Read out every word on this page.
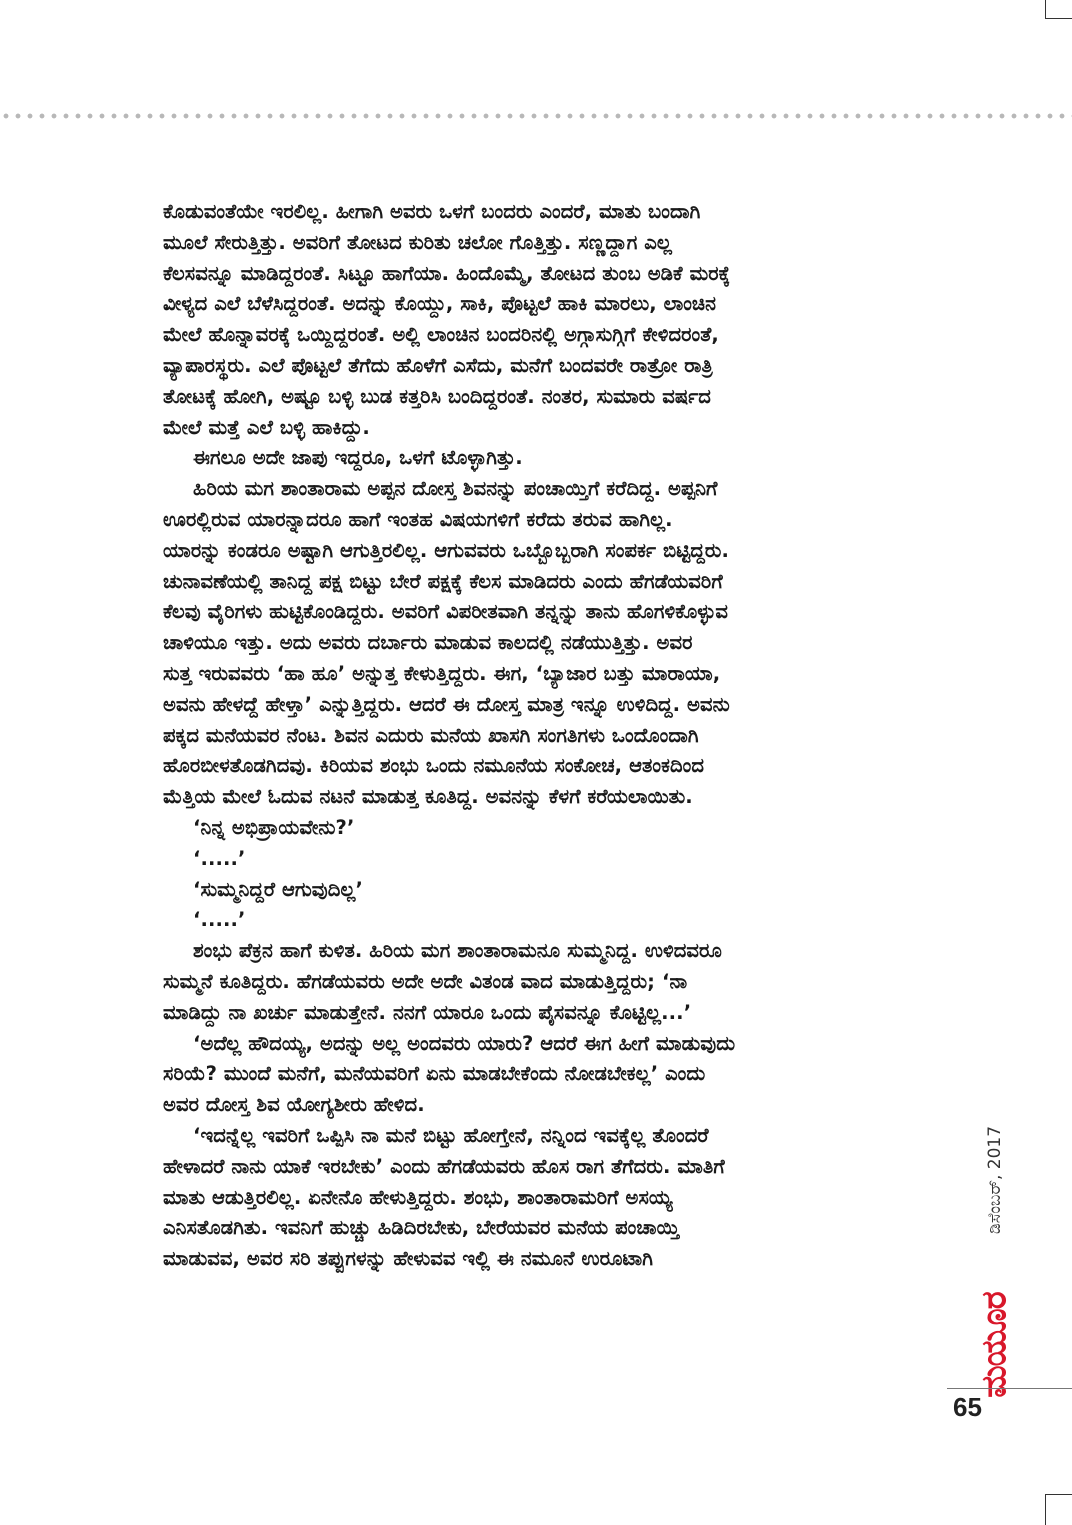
ಕೊಡುವಂತೆಯೇ ಇರಲಿಲ್ಲ. ಹೀಗಾಗಿ ಅವರು ಒಳಗೆ ಬಂದರು ಎಂದರೆ, ಮಾತು ಬಂದಾಗಿ
ಮೂಲೆ ಸೇರುತ್ತಿತ್ತು. ಅವರಿಗೆ ತೋಟದ ಕುರಿತು ಚಲೋ ಗೊತ್ತಿತ್ತು. ಸಣ್ಣದ್ದಾಗ ಎಲ್ಲ
ಕೆಲಸವನ್ನೂ ಮಾಡಿದ್ದರಂತೆ. ಸಿಟ್ಟೂ ಹಾಗೆಯಾ. ಹಿಂದೊಮ್ಮೆ, ತೋಟದ ತುಂಬ ಅಡಿಕೆ ಮರಕ್ಕೆ
ವೀಳ್ಯದ ಎಲೆ ಬೆಳೆಸಿದ್ದರಂತೆ. ಅದನ್ನು ಕೊಯ್ದು, ಸಾಕಿ, ಪೊಟ್ಟಲೆ ಹಾಕಿ ಮಾರಲು, ಲಾಂಚಿನ
ಮೇಲೆ ಹೊನ್ನಾವರಕ್ಕೆ ಒಯ್ದಿದ್ದರಂತೆ. ಅಲ್ಲಿ ಲಾಂಚಿನ ಬಂದರಿನಲ್ಲಿ ಅಗ್ಗಾಸುಗ್ಗಿಗೆ ಕೇಳಿದರಂತೆ,
ವ್ಯಾಪಾರಸ್ಥರು. ಎಲೆ ಪೊಟ್ಟಲೆ ತೆಗೆದು ಹೊಳೆಗೆ ಎಸೆದು, ಮನೆಗೆ ಬಂದವರೇ ರಾತ್ರೋ ರಾತ್ರಿ
ತೋಟಕ್ಕೆ ಹೋಗಿ, ಅಷ್ಟೂ ಬಳ್ಳಿ ಬುಡ ಕತ್ತರಿಸಿ ಬಂದಿದ್ದರಂತೆ. ನಂತರ, ಸುಮಾರು ವರ್ಷದ
ಮೇಲೆ ಮತ್ತೆ ಎಲೆ ಬಳ್ಳಿ ಹಾಕಿದ್ದು.
ಈಗಲೂ ಅದೇ ಜಾಪು ಇದ್ದರೂ, ಒಳಗೆ ಟೊಳ್ಳಾಗಿತ್ತು.
ಹಿರಿಯ ಮಗ ಶಾಂತಾರಾಮ ಅಪ್ಪನ ದೋಸ್ತ ಶಿವನನ್ನು ಪಂಚಾಯ್ತಿಗೆ ಕರೆದಿದ್ದ. ಅಪ್ಪನಿಗೆ
ಊರಲ್ಲಿರುವ ಯಾರನ್ನಾದರೂ ಹಾಗೆ ಇಂತಹ ವಿಷಯಗಳಿಗೆ ಕರೆದು ತರುವ ಹಾಗಿಲ್ಲ.
ಯಾರನ್ನು ಕಂಡರೂ ಅಷ್ಟಾಗಿ ಆಗುತ್ತಿರಲಿಲ್ಲ. ಆಗುವವರು ಒಬ್ಬೊಬ್ಬರಾಗಿ ಸಂಪರ್ಕ ಬಿಟ್ಟಿದ್ದರು.
ಚುನಾವಣೆಯಲ್ಲಿ ತಾನಿದ್ದ ಪಕ್ಷ ಬಿಟ್ಟು ಬೇರೆ ಪಕ್ಷಕ್ಕೆ ಕೆಲಸ ಮಾಡಿದರು ಎಂದು ಹೆಗಡೆಯವರಿಗೆ
ಕೆಲವು ವೈರಿಗಳು ಹುಟ್ಟಿಕೊಂಡಿದ್ದರು. ಅವರಿಗೆ ವಿಪರೀತವಾಗಿ ತನ್ನನ್ನು ತಾನು ಹೊಗಳಿಕೊಳ್ಳುವ
ಚಾಳಿಯೂ ಇತ್ತು. ಅದು ಅವರು ದರ್ಬಾರು ಮಾಡುವ ಕಾಲದಲ್ಲಿ ನಡೆಯುತ್ತಿತ್ತು. ಅವರ
ಸುತ್ತ ಇರುವವರು ‘ಹಾ ಹೂ’ ಅನ್ನುತ್ತ ಕೇಳುತ್ತಿದ್ದರು. ಈಗ, ‘ಬ್ಯಾಜಾರ ಬತ್ತು ಮಾರಾಯಾ,
ಅವನು ಹೇಳದ್ದೆ ಹೇಳ್ತಾ’ ಎನ್ನುತ್ತಿದ್ದರು. ಆದರೆ ಈ ದೋಸ್ತ ಮಾತ್ರ ಇನ್ನೂ ಉಳಿದಿದ್ದ. ಅವನು
ಪಕ್ಕದ ಮನೆಯವರ ನೆಂಟ. ಶಿವನ ಎದುರು ಮನೆಯ ಖಾಸಗಿ ಸಂಗತಿಗಳು ಒಂದೊಂದಾಗಿ
ಹೊರಬೀಳತೊಡಗಿದವು. ಕಿರಿಯವ ಶಂಭು ಒಂದು ನಮೂನೆಯ ಸಂಕೋಚ, ಆತಂಕದಿಂದ
ಮೆತ್ತಿಯ ಮೇಲೆ ಓದುವ ನಟನೆ ಮಾಡುತ್ತ ಕೂತಿದ್ದ. ಅವನನ್ನು ಕೆಳಗೆ ಕರೆಯಲಾಯಿತು.
‘ನಿನ್ನ ಅಭಿಪ್ರಾಯವೇನು?’
‘.....’
‘ಸುಮ್ಮನಿದ್ದರೆ ಆಗುವುದಿಲ್ಲ’
‘.....’
ಶಂಭು ಪೆಕ್ರನ ಹಾಗೆ ಕುಳಿತ. ಹಿರಿಯ ಮಗ ಶಾಂತಾರಾಮನೂ ಸುಮ್ಮನಿದ್ದ. ಉಳಿದವರೂ
ಸುಮ್ಮನೆ ಕೂತಿದ್ದರು. ಹೆಗಡೆಯವರು ಅದೇ ಅದೇ ವಿತಂಡ ವಾದ ಮಾಡುತ್ತಿದ್ದರು; ‘ನಾ
ಮಾಡಿದ್ದು ನಾ ಖರ್ಚು ಮಾಡುತ್ತೇನೆ. ನನಗೆ ಯಾರೂ ಒಂದು ಪೈಸವನ್ನೂ ಕೊಟ್ಟಿಲ್ಲ...’
‘ಅದೆಲ್ಲ ಹೌದಯ್ಯ, ಅದನ್ನು ಅಲ್ಲ ಅಂದವರು ಯಾರು? ಆದರೆ ಈಗ ಹೀಗೆ ಮಾಡುವುದು
ಸರಿಯೆ? ಮುಂದೆ ಮನೆಗೆ, ಮನೆಯವರಿಗೆ ಏನು ಮಾಡಬೇಕೆಂದು ನೋಡಬೇಕಲ್ಲ’ ಎಂದು
ಅವರ ದೋಸ್ತ ಶಿವ ಯೋಗ್ಯಶೀರು ಹೇಳಿದ.
‘ಇದನ್ನೆಲ್ಲ ಇವರಿಗೆ ಒಪ್ಪಿಸಿ ನಾ ಮನೆ ಬಿಟ್ಟು ಹೋಗ್ತೇನೆ, ನನ್ನಿಂದ ಇವಕ್ಕೆಲ್ಲ ತೊಂದರೆ
ಹೇಳಾದರೆ ನಾನು ಯಾಕೆ ಇರಬೇಕು’ ಎಂದು ಹೆಗಡೆಯವರು ಹೊಸ ರಾಗ ತೆಗೆದರು. ಮಾತಿಗೆ
ಮಾತು ಆಡುತ್ತಿರಲಿಲ್ಲ. ಏನೇನೊ ಹೇಳುತ್ತಿದ್ದರು. ಶಂಭು, ಶಾಂತಾರಾಮರಿಗೆ ಅಸಯ್ಯ
ಎನಿಸತೊಡಗಿತು. ಇವನಿಗೆ ಹುಚ್ಚು ಹಿಡಿದಿರಬೇಕು, ಬೇರೆಯವರ ಮನೆಯ ಪಂಚಾಯ್ತಿ
ಮಾಡುವವ, ಅವರ ಸರಿ ತಪ್ಪುಗಳನ್ನು ಹೇಳುವವ ಇಲ್ಲಿ ಈ ನಮೂನೆ ಉರೂಟಾಗಿ
ಡಿಸೆಂಬರ್, 2017
ಮಯೂರ
65
